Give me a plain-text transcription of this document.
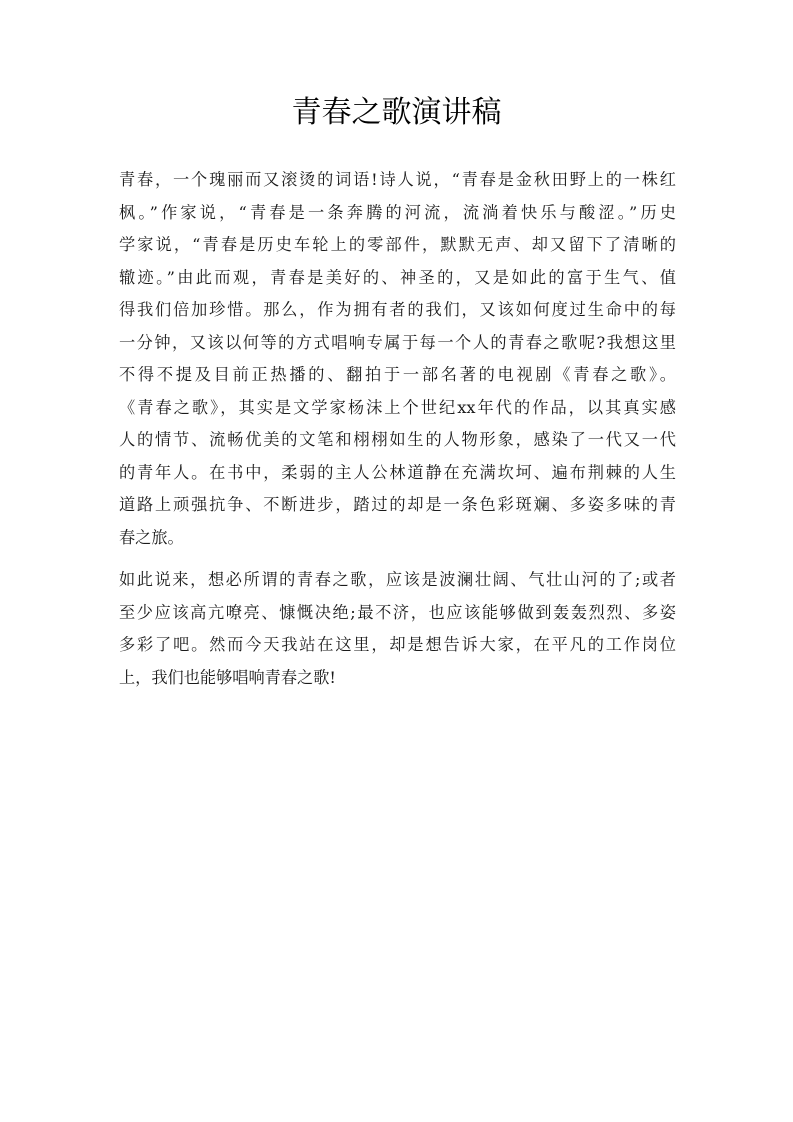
青春之歌演讲稿

青春，一个瑰丽而又滚烫的词语!诗人说，“青春是金秋田野上的一株红
枫。”作家说，“青春是一条奔腾的河流，流淌着快乐与酸涩。”历史
学家说，“青春是历史车轮上的零部件，默默无声、却又留下了清晰的
辙迹。”由此而观，青春是美好的、神圣的，又是如此的富于生气、值
得我们倍加珍惜。那么，作为拥有者的我们，又该如何度过生命中的每
一分钟，又该以何等的方式唱响专属于每一个人的青春之歌呢?我想这里
不得不提及目前正热播的、翻拍于一部名著的电视剧《青春之歌》。
《青春之歌》，其实是文学家杨沫上个世纪xx年代的作品，以其真实感
人的情节、流畅优美的文笔和栩栩如生的人物形象，感染了一代又一代
的青年人。在书中，柔弱的主人公林道静在充满坎坷、遍布荆棘的人生
道路上顽强抗争、不断进步，踏过的却是一条色彩斑斓、多姿多味的青
春之旅。

如此说来，想必所谓的青春之歌，应该是波澜壮阔、气壮山河的了;或者
至少应该高亢嘹亮、慷慨决绝;最不济，也应该能够做到轰轰烈烈、多姿
多彩了吧。然而今天我站在这里，却是想告诉大家，在平凡的工作岗位
上，我们也能够唱响青春之歌!
